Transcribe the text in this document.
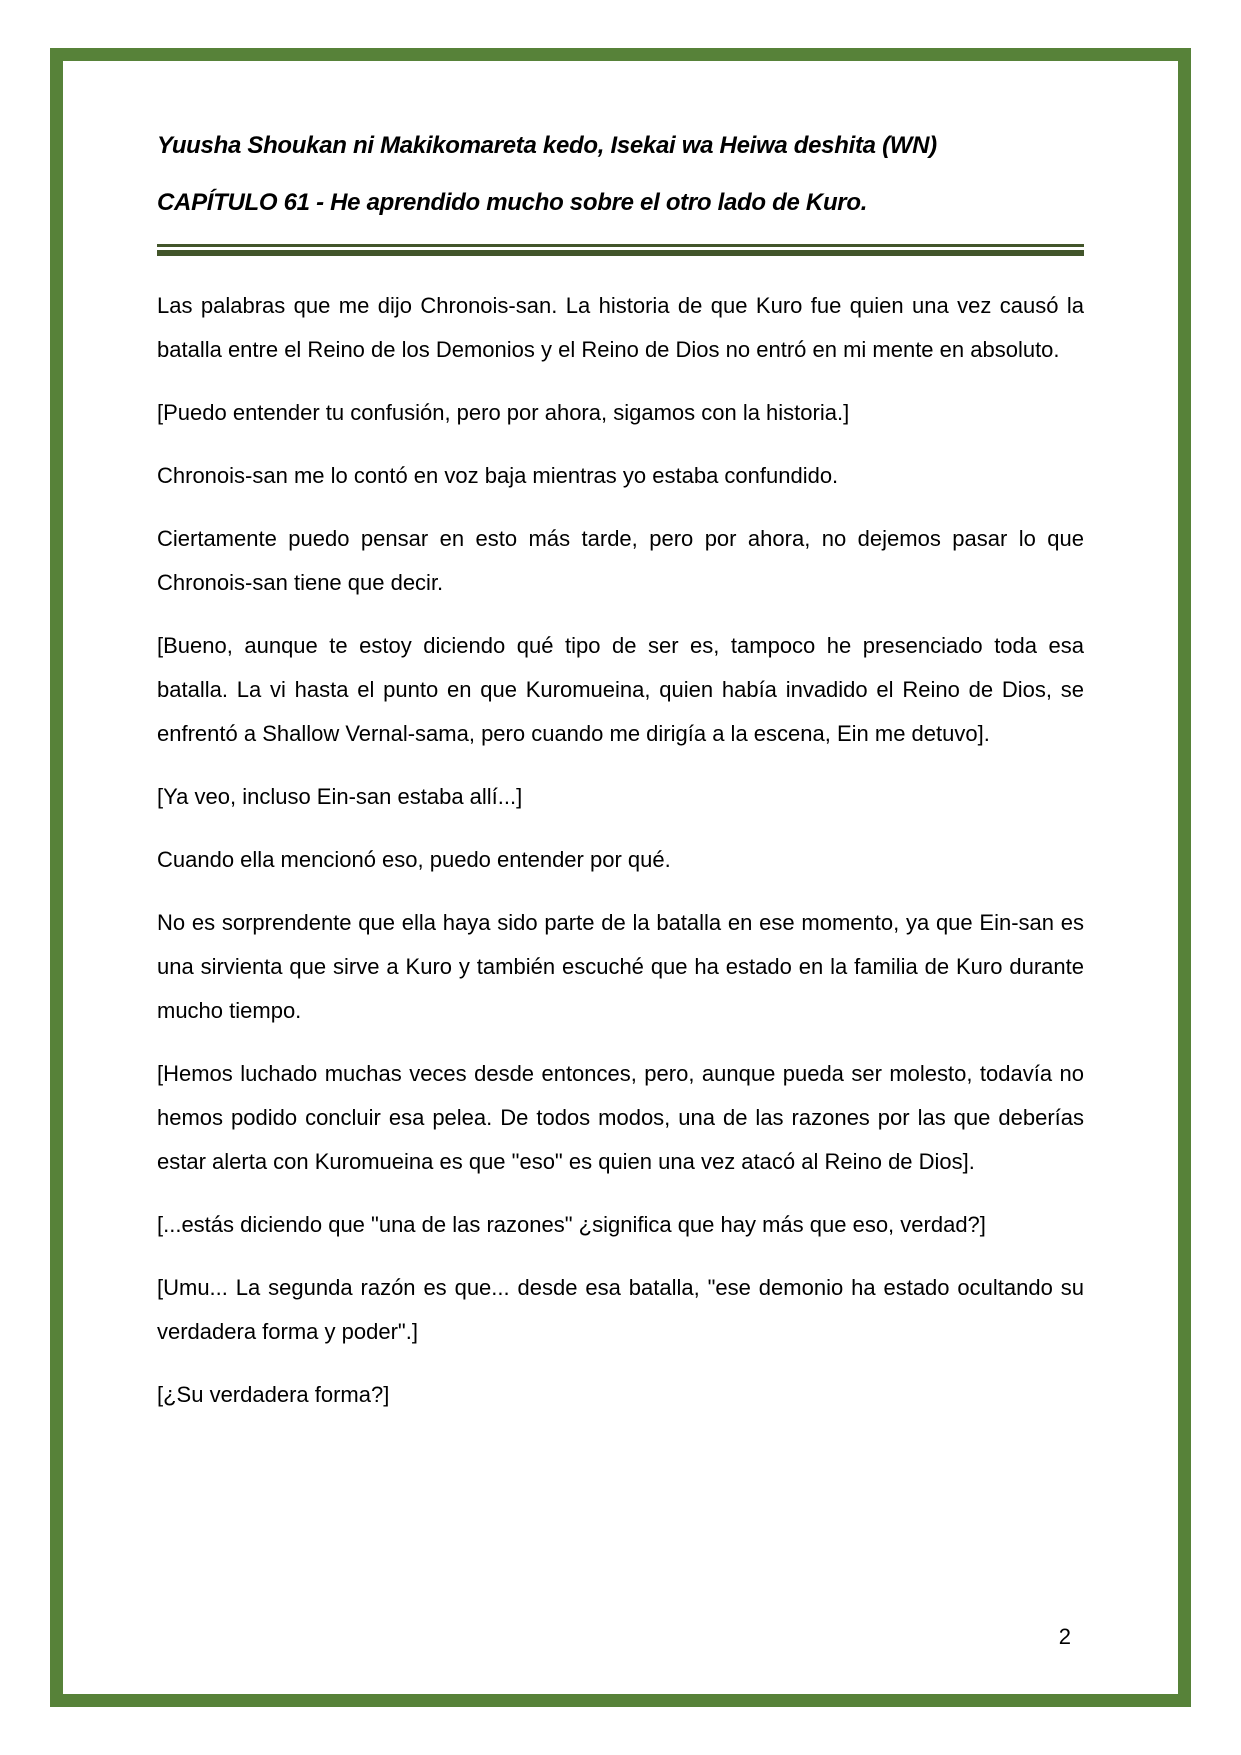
Yuusha Shoukan ni Makikomareta kedo, Isekai wa Heiwa deshita (WN)
CAPÍTULO 61 - He aprendido mucho sobre el otro lado de Kuro.

Las palabras que me dijo Chronois-san. La historia de que Kuro fue quien una vez causó la batalla entre el Reino de los Demonios y el Reino de Dios no entró en mi mente en absoluto.

[Puedo entender tu confusión, pero por ahora, sigamos con la historia.]

Chronois-san me lo contó en voz baja mientras yo estaba confundido.

Ciertamente puedo pensar en esto más tarde, pero por ahora, no dejemos pasar lo que Chronois-san tiene que decir.

[Bueno, aunque te estoy diciendo qué tipo de ser es, tampoco he presenciado toda esa batalla. La vi hasta el punto en que Kuromueina, quien había invadido el Reino de Dios, se enfrentó a Shallow Vernal-sama, pero cuando me dirigía a la escena, Ein me detuvo].

[Ya veo, incluso Ein-san estaba allí...]

Cuando ella mencionó eso, puedo entender por qué.

No es sorprendente que ella haya sido parte de la batalla en ese momento, ya que Ein-san es una sirvienta que sirve a Kuro y también escuché que ha estado en la familia de Kuro durante mucho tiempo.

[Hemos luchado muchas veces desde entonces, pero, aunque pueda ser molesto, todavía no hemos podido concluir esa pelea. De todos modos, una de las razones por las que deberías estar alerta con Kuromueina es que "eso" es quien una vez atacó al Reino de Dios].

[...estás diciendo que "una de las razones" ¿significa que hay más que eso, verdad?]

[Umu... La segunda razón es que... desde esa batalla, "ese demonio ha estado ocultando su verdadera forma y poder".]

[¿Su verdadera forma?]

2
